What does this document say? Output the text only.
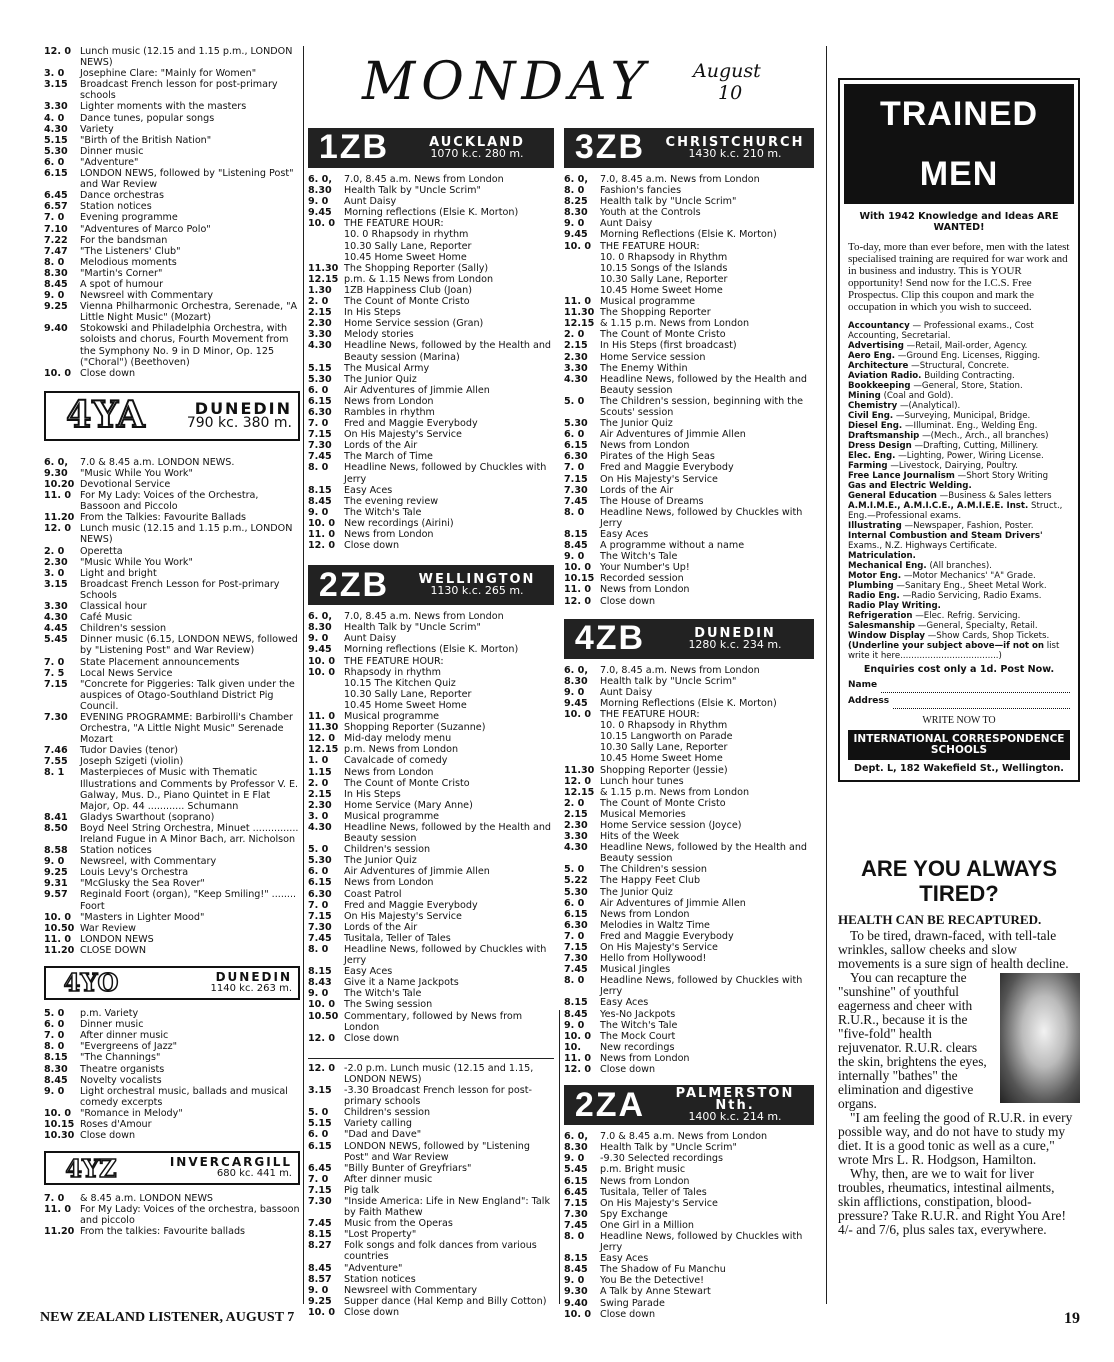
MONDAY August
10
12. 0 Lunch music (12.15 and 1.15 p.m., LONDON NEWS)
3. 0	Josephine Clare: "Mainly for Women"
3.15	Broadcast French lesson for post-primary schools
3.30	Lighter moments with the masters
4. 0	Dance tunes, popular songs
4.30	Variety
5.15	"Birth of the British Nation"
5.30	Dinner music
6. 0	"Adventure"
6.15	LONDON NEWS, followed by "Listening Post" and War Review
6.45	Dance orchestras
6.57	Station notices
7. 0	Evening programme
7.10	"Adventures of Marco Polo"
7.22	For the bandsman
7.47	"The Listeners' Club"
8. 0	Melodious moments
8.30	"Martin's Corner"
8.45	A spot of humour
9. 0	Newsreel with Commentary
9.25	Vienna Philharmonic Orchestra, Serenade, "A Little Night Music" (Mozart)
9.40	Stokowski and Philadelphia Orchestra, with soloists and chorus, Fourth Movement from the Symphony No. 9 in D Minor, Op. 125 ("Choral") (Beethoven)
10. 0 Close down
4YA	DUNEDIN
790 kc. 380 m.
6. 0,	7.0 & 8.45 a.m. LONDON NEWS.
9.30	"Music While You Work"
10.20 Devotional Service
11. 0 For My Lady: Voices of the Orchestra, Bassoon and Piccolo
11.20 From the Talkies: Favourite Ballads
12. 0 Lunch music (12.15 and 1.15 p.m., LONDON NEWS)
2. 0	Operetta
2.30	"Music While You Work"
3. 0	Light and bright
3.15	Broadcast French Lesson for Post-primary Schools
3.30	Classical hour
4.30	Café Music
4.45	Children's session
5.45	Dinner music (6.15, LONDON NEWS, followed by "Listening Post" and War Review)
7. 0	State Placement announcements
7. 5	Local News Service
7.15	"Concrete for Piggeries: Talk given under the auspices of Otago-Southland District Pig Council.
7.30	EVENING PROGRAMME: Barbirolli's Chamber Orchestra, "A Little Night Music" Serenade Mozart
7.46	Tudor Davies (tenor)
7.55	Joseph Szigeti (violin)
8. 1	Masterpieces of Music with Thematic Illustrations and Comments by Professor V. E. Galway, Mus. D., Piano Quintet in E Flat Major, Op. 44 ............ Schumann
8.41	Gladys Swarthout (soprano)
8.50	Boyd Neel String Orchestra, Minuet ............... Ireland Fugue in A Minor Bach, arr. Nicholson
8.58	Station notices
9. 0	Newsreel, with Commentary
9.25	Louis Levy's Orchestra
9.31	"McGlusky the Sea Rover"
9.57	Reginald Foort (organ), "Keep Smiling!" ........ Foort
10. 0 "Masters in Lighter Mood"
10.50 War Review
11. 0 LONDON NEWS
11.20 CLOSE DOWN
4YO	DUNEDIN
1140 kc. 263 m.
5. 0	p.m. Variety
6. 0	Dinner music
7. 0	After dinner music
8. 0	"Evergreens of Jazz"
8.15	"The Channings"
8.30	Theatre organists
8.45	Novelty vocalists
9. 0	Light orchestral music, ballads and musical comedy excerpts
10. 0 "Romance in Melody"
10.15 Roses d'Amour
10.30 Close down
4YZ	INVERCARGILL
680 kc. 441 m.
7. 0	& 8.45 a.m. LONDON NEWS
11. 0 For My Lady: Voices of the orchestra, bassoon and piccolo
11.20 From the talkies: Favourite ballads
1ZB	AUCKLAND
1070 k.c. 280 m.
6. 0,	7.0, 8.45 a.m. News from London
8.30	Health Talk by "Uncle Scrim"
9. 0	Aunt Daisy
9.45	Morning reflections (Elsie K. Morton)
10. 0 THE FEATURE HOUR:
10. 0 Rhapsody in rhythm
10.30 Sally Lane, Reporter
10.45 Home Sweet Home
11.30 The Shopping Reporter (Sally)
12.15 p.m. & 1.15 News from London
1.30	1ZB Happiness Club (Joan)
2. 0	The Count of Monte Cristo
2.15	In His Steps
2.30	Home Service session (Gran)
3.30	Melody stories
4.30	Headline News, followed by the Health and Beauty session (Marina)
5.15	The Musical Army
5.30	The Junior Quiz
6. 0	Air Adventures of Jimmie Allen
6.15	News from London
6.30	Rambles in rhythm
7. 0	Fred and Maggie Everybody
7.15	On His Majesty's Service
7.30	Lords of the Air
7.45	The March of Time
8. 0	Headline News, followed by Chuckles with Jerry
8.15	Easy Aces
8.45	The evening review
9. 0	The Witch's Tale
10. 0 New recordings (Airini)
11. 0 News from London
12. 0 Close down
2ZB	WELLINGTON
1130 k.c. 265 m.
6. 0,	7.0, 8.45 a.m. News from London
8.30	Health Talk by "Uncle Scrim"
9. 0	Aunt Daisy
9.45	Morning reflections (Elsie K. Morton)
10. 0 THE FEATURE HOUR:
10. 0 Rhapsody in rhythm
10.15 The Kitchen Quiz
10.30 Sally Lane, Reporter
10.45 Home Sweet Home
11. 0 Musical programme
11.30 Shopping Reporter (Suzanne)
12. 0 Mid-day melody menu
12.15 p.m. News from London
1. 0	Cavalcade of comedy
1.15	News from London
2. 0	The Count of Monte Cristo
2.15	In His Steps
2.30	Home Service (Mary Anne)
3. 0	Musical programme
4.30	Headline News, followed by the Health and Beauty session
5. 0	Children's session
5.30	The Junior Quiz
6. 0	Air Adventures of Jimmie Allen
6.15	News from London
6.30	Coast Patrol
7. 0	Fred and Maggie Everybody
7.15	On His Majesty's Service
7.30	Lords of the Air
7.45	Tusitala, Teller of Tales
8. 0	Headline News, followed by Chuckles with Jerry
8.15	Easy Aces
8.43	Give it a Name Jackpots
9. 0	The Witch's Tale
10. 0 The Swing session
10.50 Commentary, followed by News from London
12. 0 Close down
12. 0 -2.0 p.m. Lunch music (12.15 and 1.15, LONDON NEWS)
3.15	-3.30 Broadcast French lesson for post-primary schools
5. 0	Children's session
5.15	Variety calling
6. 0	"Dad and Dave"
6.15	LONDON NEWS, followed by "Listening Post" and War Review
6.45	"Billy Bunter of Greyfriars"
7. 0	After dinner music
7.15	Pig talk
7.30	"Inside America: Life in New England": Talk by Faith Mathew
7.45	Music from the Operas
8.15	"Lost Property"
8.27	Folk songs and folk dances from various countries
8.45	"Adventure"
8.57	Station notices
9. 0	Newsreel with Commentary
9.25	Supper dance (Hal Kemp and Billy Cotton)
10. 0 Close down
3ZB	CHRISTCHURCH
1430 k.c. 210 m.
6. 0,	7.0, 8.45 a.m. News from London
8. 0	Fashion's fancies
8.25	Health talk by "Uncle Scrim"
8.30	Youth at the Controls
9. 0	Aunt Daisy
9.45	Morning Reflections (Elsie K. Morton)
10. 0 THE FEATURE HOUR:
10. 0 Rhapsody in Rhythm
10.15 Songs of the Islands
10.30 Sally Lane, Reporter
10.45 Home Sweet Home
11. 0 Musical programme
11.30 The Shopping Reporter
12.15 & 1.15 p.m. News from London
2. 0	The Count of Monte Cristo
2.15	In His Steps (first broadcast)
2.30	Home Service session
3.30	The Enemy Within
4.30	Headline News, followed by the Health and Beauty session
5. 0	The Children's session, beginning with the Scouts' session
5.30	The Junior Quiz
6. 0	Air Adventures of Jimmie Allen
6.15	News from London
6.30	Pirates of the High Seas
7. 0	Fred and Maggie Everybody
7.15	On His Majesty's Service
7.30	Lords of the Air
7.45	The House of Dreams
8. 0	Headline News, followed by Chuckles with Jerry
8.15	Easy Aces
8.45	A programme without a name
9. 0	The Witch's Tale
10. 0 Your Number's Up!
10.15 Recorded session
11. 0 News from London
12. 0 Close down
4ZB	DUNEDIN
1280 k.c. 234 m.
6. 0,	7.0, 8.45 a.m. News from London
8.30	Health talk by "Uncle Scrim"
9. 0	Aunt Daisy
9.45	Morning Reflections (Elsie K. Morton)
10. 0 THE FEATURE HOUR:
10. 0 Rhapsody in Rhythm
10.15 Langworth on Parade
10.30 Sally Lane, Reporter
10.45 Home Sweet Home
11.30 Shopping Reporter (Jessie)
12. 0 Lunch hour tunes
12.15 & 1.15 p.m. News from London
2. 0	The Count of Monte Cristo
2.15	Musical Memories
2.30	Home Service session (Joyce)
3.30	Hits of the Week
4.30	Headline News, followed by the Health and Beauty session
5. 0	The Children's session
5.22	The Happy Feet Club
5.30	The Junior Quiz
6. 0	Air Adventures of Jimmie Allen
6.15	News from London
6.30	Melodies in Waltz Time
7. 0	Fred and Maggie Everybody
7.15	On His Majesty's Service
7.30	Hello from Hollywood!
7.45	Musical Jingles
8. 0	Headline News, followed by Chuckles with Jerry
8.15	Easy Aces
8.45	Yes-No Jackpots
9. 0	The Witch's Tale
10. 0 The Mock Court
10.	New recordings
11. 0 News from London
12. 0 Close down
2ZA	PALMERSTON Nth.
1400 k.c. 214 m.
6. 0,	7.0 & 8.45 a.m. News from London
8.30	Health Talk by "Uncle Scrim"
9. 0	-9.30 Selected recordings
5.45	p.m. Bright music
6.15	News from London
6.45	Tusitala, Teller of Tales
7.15	On His Majesty's Service
7.30	Spy Exchange
7.45	One Girl in a Million
8. 0	Headline News, followed by Chuckles with Jerry
8.15	Easy Aces
8.45	The Shadow of Fu Manchu
9. 0	You Be the Detective!
9.30	A Talk by Anne Stewart
9.40	Swing Parade
10. 0 Close down
TRAINED MEN
With 1942 Knowledge and Ideas ARE WANTED!
To-day, more than ever before, men with the latest specialised training are required for war work and in business and industry. This is YOUR opportunity! Send now for the I.C.S. Free Prospectus. Clip this coupon and mark the occupation in which you wish to succeed.
Accountancy — Professional exams., Cost Accounting, Secretarial.
Advertising —Retail, Mail-order, Agency.
Aero Eng. —Ground Eng. Licenses, Rigging.
Architecture —Structural, Concrete.
Aviation Radio. Building Contracting.
Bookkeeping —General, Store, Station.
Mining (Coal and Gold).
Chemistry —(Analytical).
Civil Eng. —Surveying, Municipal, Bridge.
Diesel Eng. —Illuminat. Eng., Welding Eng.
Draftsmanship —(Mech., Arch., all branches)
Dress Design —Drafting, Cutting, Millinery.
Elec. Eng. —Lighting, Power, Wiring License.
Farming —Livestock, Dairying, Poultry.
Free Lance Journalism —Short Story Writing
Gas and Electric Welding.
General Education —Business & Sales letters
A.M.I.M.E., A.M.I.C.E., A.M.I.E.E. Inst. Struct., Eng.—Professional exams.
Illustrating —Newspaper, Fashion, Poster.
Internal Combustion and Steam Drivers' Exams., N.Z. Highways Certificate.
Matriculation.
Mechanical Eng. (All branches).
Motor Eng. —Motor Mechanics' "A" Grade.
Plumbing —Sanitary Eng., Sheet Metal Work.
Radio Eng. —Radio Servicing, Radio Exams.
Radio Play Writing.
Refrigeration —Elec. Refrig. Servicing.
Salesmanship —General, Specialty, Retail.
Window Display —Show Cards, Shop Tickets.
(Underline your subject above—if not on list write it here....................................)
Enquiries cost only a 1d. Post Now.
Name
Address
WRITE NOW TO
INTERNATIONAL CORRESPONDENCE SCHOOLS
Dept. L, 182 Wakefield St., Wellington.
ARE YOU ALWAYS TIRED?
HEALTH CAN BE RECAPTURED.

To be tired, drawn-faced, with tell-tale wrinkles, sallow cheeks and slow movements is a sure sign of health decline.

You can recapture the "sunshine" of youthful eagerness and cheer with R.U.R., because it is the "five-fold" health rejuvenator. R.U.R. clears the skin, brightens the eyes, internally "bathes" the elimination and digestive organs.

"I am feeling the good of R.U.R. in every possible way, and do not have to study my diet. It is a good tonic as well as a cure," wrote Mrs L. R. Hodgson, Hamilton.

Why, then, are we to wait for liver troubles, rheumatics, intestinal ailments, skin afflictions, constipation, blood-pressure? Take R.U.R. and Right You Are! 4/- and 7/6, plus sales tax, everywhere.

NEW ZEALAND LISTENER, AUGUST 7	19
